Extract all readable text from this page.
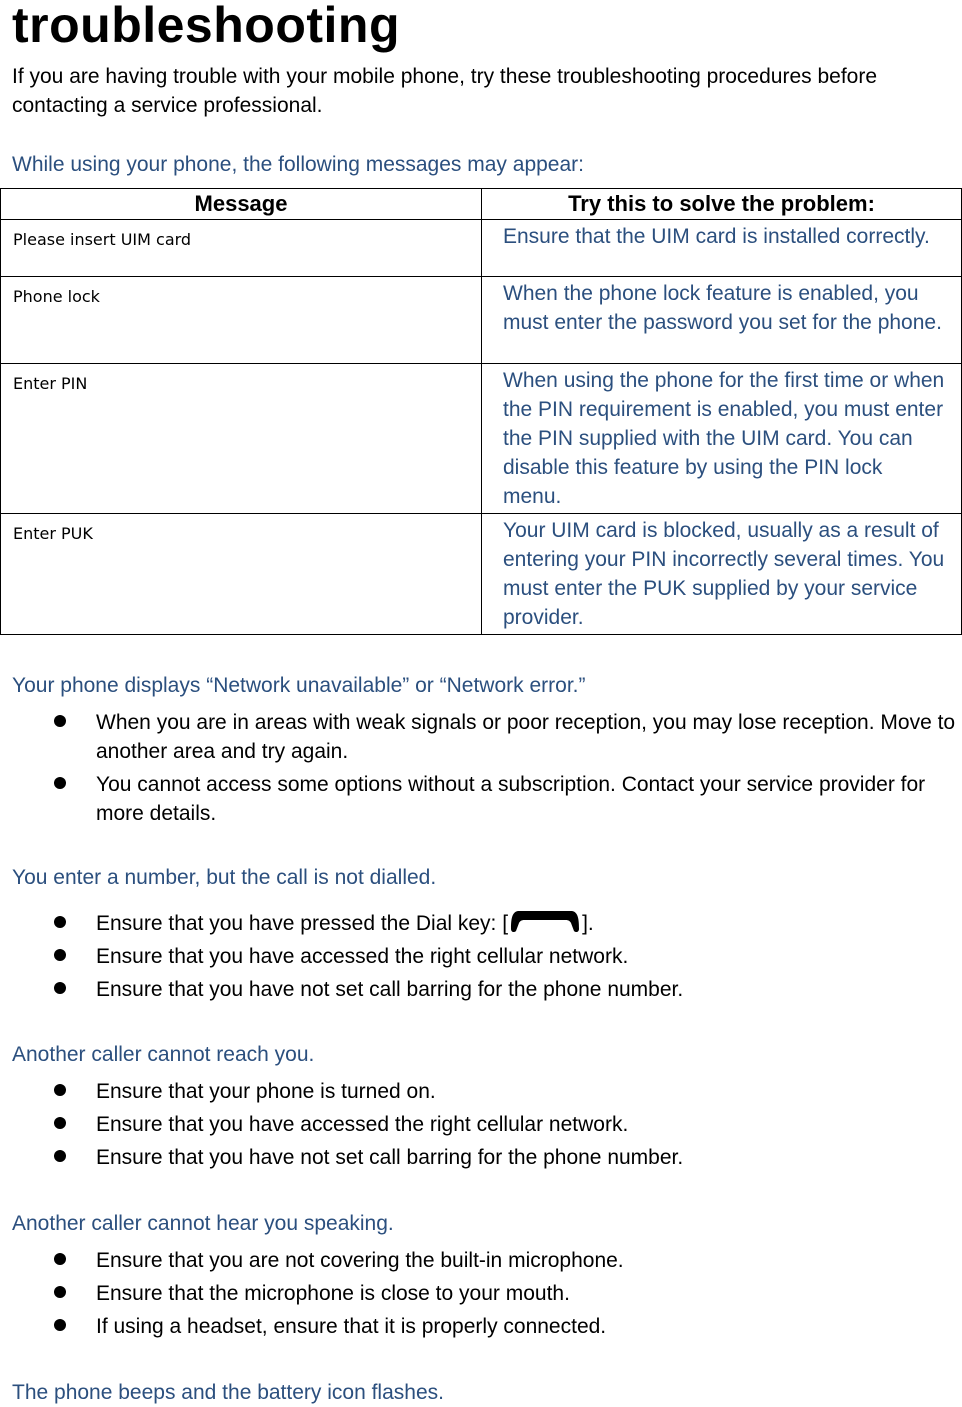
troubleshooting

If you are having trouble with your mobile phone, try these troubleshooting procedures before contacting a service professional.

While using your phone, the following messages may appear:

Message	Try this to solve the problem:
Please insert UIM card	Ensure that the UIM card is installed correctly.
Phone lock	When the phone lock feature is enabled, you must enter the password you set for the phone.
Enter PIN	When using the phone for the first time or when the PIN requirement is enabled, you must enter the PIN supplied with the UIM card. You can disable this feature by using the PIN lock　menu.
Enter PUK	Your UIM card is blocked, usually as a result of entering your PIN incorrectly several times. You must enter the PUK supplied by your service provider.

Your phone displays “Network unavailable” or “Network error.”

When you are in areas with weak signals or poor reception, you may lose reception. Move to another area and try again.
You cannot access some options without a subscription. Contact your service provider for more details.

You enter a number, but the call is not dialled.

Ensure that you have pressed the Dial key: [	].
Ensure that you have accessed the right cellular network.
Ensure that you have not set call barring for the phone number.

Another caller cannot reach you.

Ensure that your phone is turned on.
Ensure that you have accessed the right cellular network.
Ensure that you have not set call barring for the phone number.

Another caller cannot hear you speaking.

Ensure that you are not covering the built-in microphone.
Ensure that the microphone is close to your mouth.
If using a headset, ensure that it is properly connected.

The phone beeps and the battery icon flashes.
